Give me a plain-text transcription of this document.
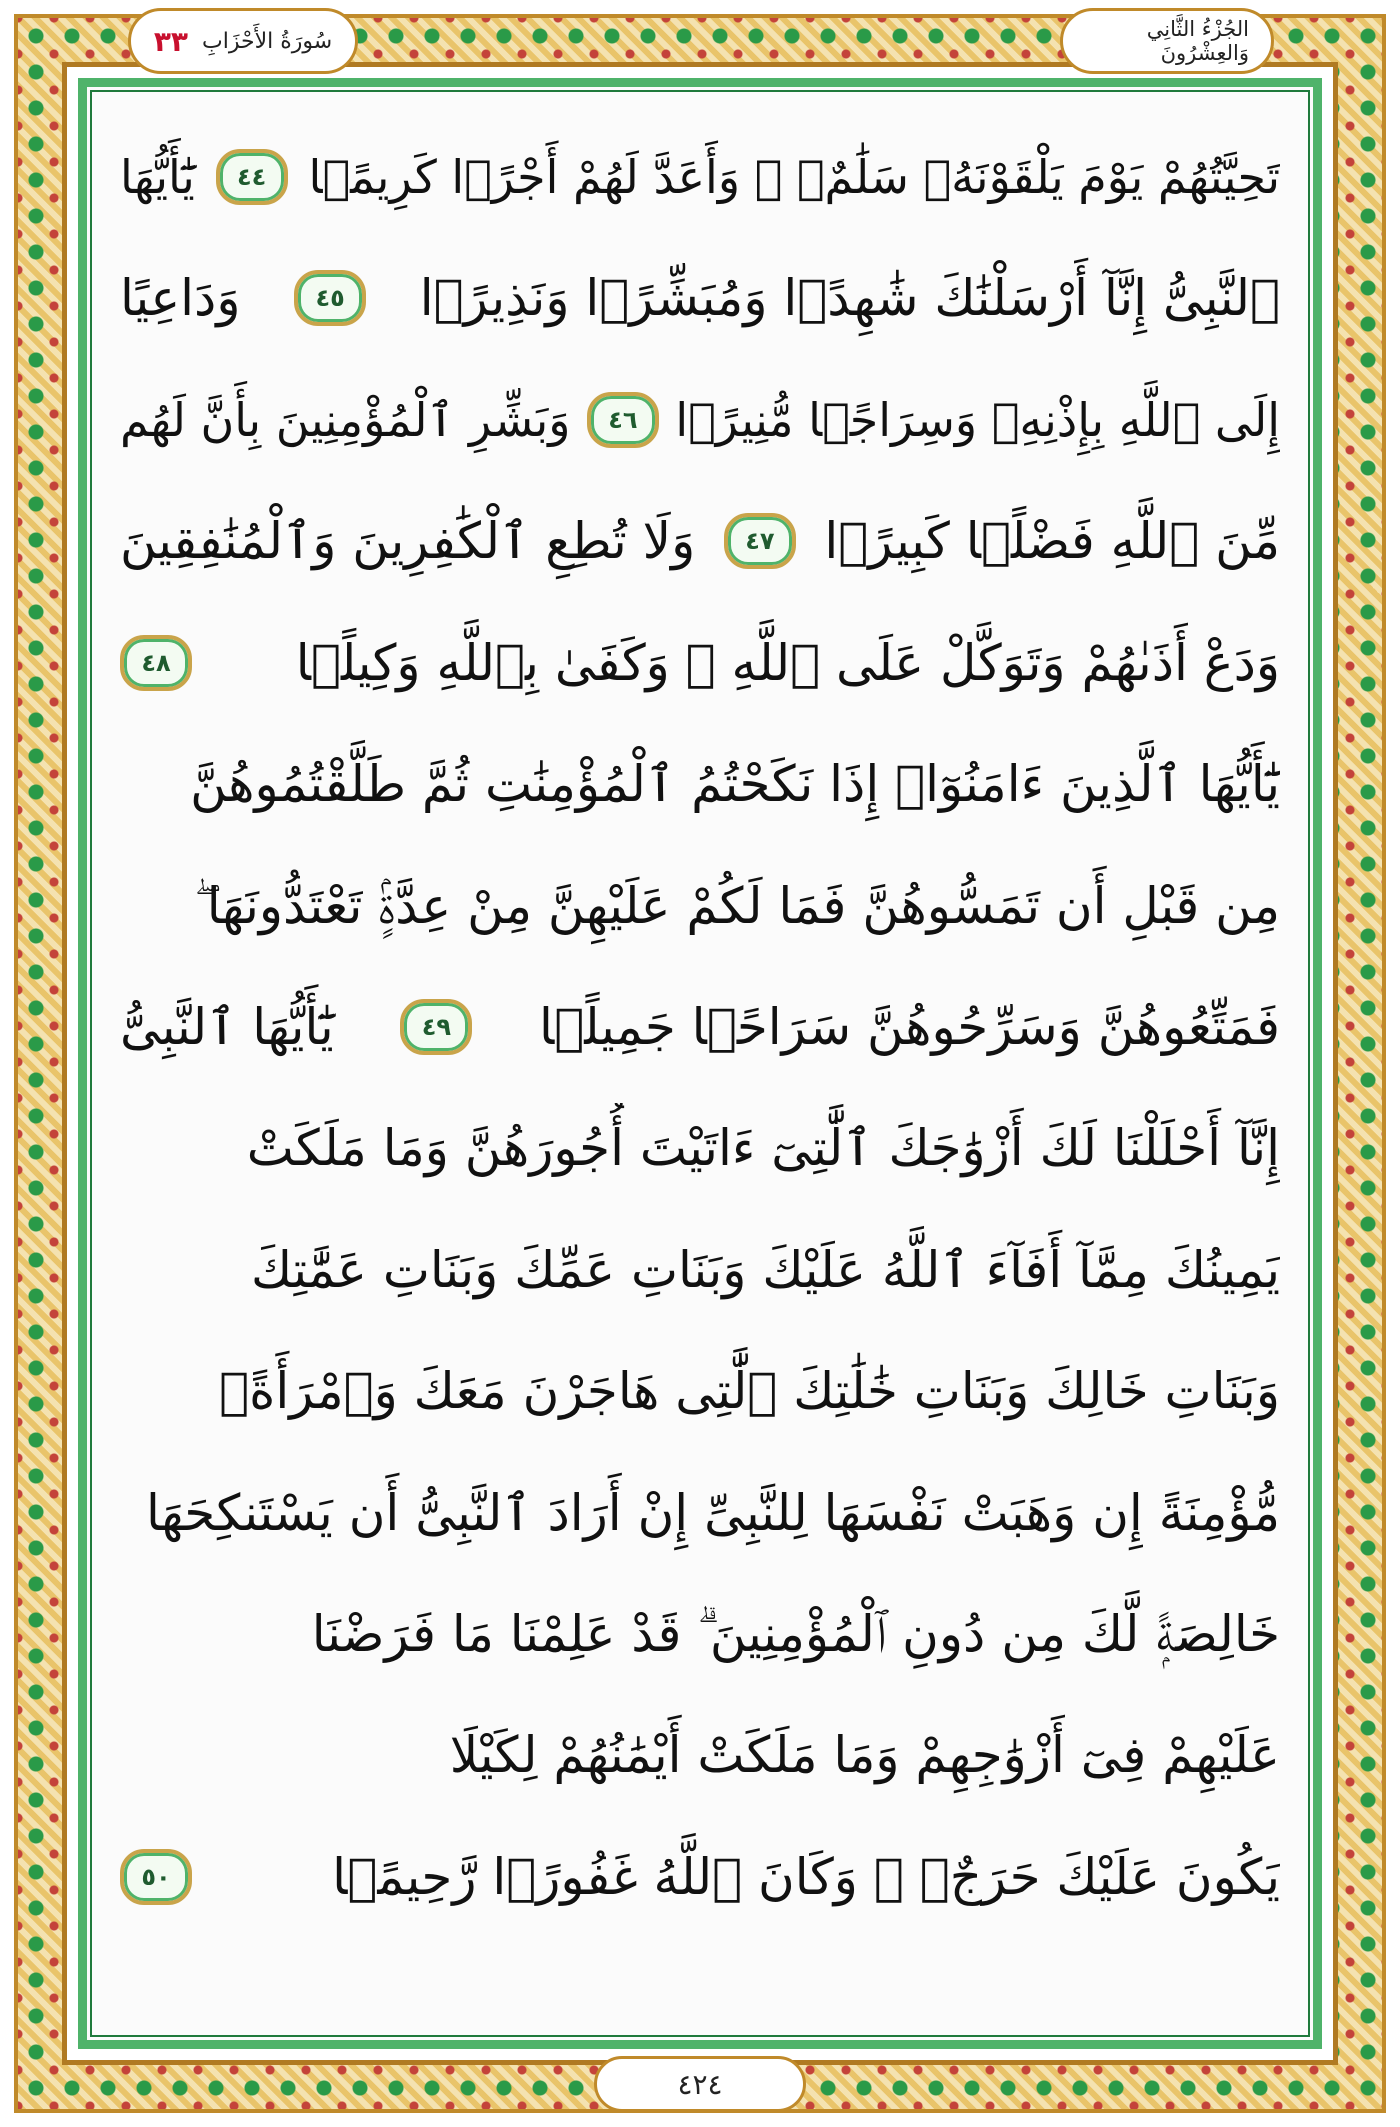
سُورَةُ الأَحْزَابِ
٣٣	الجُزْءُ الثَّانِي وَالعِشْرُونَ
تَحِيَّتُهُمْ يَوْمَ يَلْقَوْنَهُۥ سَلَٰمٌۭ ۚ وَأَعَدَّ لَهُمْ أَجْرًۭا كَرِيمًۭا
٤٤
يَٰٓأَيُّهَا
ٱلنَّبِىُّ إِنَّآ أَرْسَلْنَٰكَ شَٰهِدًۭا وَمُبَشِّرًۭا وَنَذِيرًۭا
٤٥
وَدَاعِيًا
إِلَى ٱللَّهِ بِإِذْنِهِۦ وَسِرَاجًۭا مُّنِيرًۭا
٤٦
وَبَشِّرِ ٱلْمُؤْمِنِينَ بِأَنَّ لَهُم
مِّنَ ٱللَّهِ فَضْلًۭا كَبِيرًۭا
٤٧
وَلَا تُطِعِ ٱلْكَٰفِرِينَ وَٱلْمُنَٰفِقِينَ
وَدَعْ أَذَىٰهُمْ وَتَوَكَّلْ عَلَى ٱللَّهِ ۚ وَكَفَىٰ بِٱللَّهِ وَكِيلًۭا
٤٨
يَٰٓأَيُّهَا ٱلَّذِينَ ءَامَنُوٓا۟ إِذَا نَكَحْتُمُ ٱلْمُؤْمِنَٰتِ ثُمَّ طَلَّقْتُمُوهُنَّ
مِن قَبْلِ أَن تَمَسُّوهُنَّ فَمَا لَكُمْ عَلَيْهِنَّ مِنْ عِدَّةٍۢ تَعْتَدُّونَهَا ۖ
فَمَتِّعُوهُنَّ وَسَرِّحُوهُنَّ سَرَاحًۭا جَمِيلًۭا
٤٩
يَٰٓأَيُّهَا ٱلنَّبِىُّ
إِنَّآ أَحْلَلْنَا لَكَ أَزْوَٰجَكَ ٱلَّٰتِىٓ ءَاتَيْتَ أُجُورَهُنَّ وَمَا مَلَكَتْ
يَمِينُكَ مِمَّآ أَفَآءَ ٱللَّهُ عَلَيْكَ وَبَنَاتِ عَمِّكَ وَبَنَاتِ عَمَّٰتِكَ
وَبَنَاتِ خَالِكَ وَبَنَاتِ خَٰلَٰتِكَ ٱلَّٰتِى هَاجَرْنَ مَعَكَ وَٱمْرَأَةًۭ
مُّؤْمِنَةً إِن وَهَبَتْ نَفْسَهَا لِلنَّبِىِّ إِنْ أَرَادَ ٱلنَّبِىُّ أَن يَسْتَنكِحَهَا
خَالِصَةًۭ لَّكَ مِن دُونِ ٱلْمُؤْمِنِينَ ۗ قَدْ عَلِمْنَا مَا فَرَضْنَا
عَلَيْهِمْ فِىٓ أَزْوَٰجِهِمْ وَمَا مَلَكَتْ أَيْمَٰنُهُمْ لِكَيْلَا
يَكُونَ عَلَيْكَ حَرَجٌۭ ۗ وَكَانَ ٱللَّهُ غَفُورًۭا رَّحِيمًۭا
٥٠
٤٢٤
